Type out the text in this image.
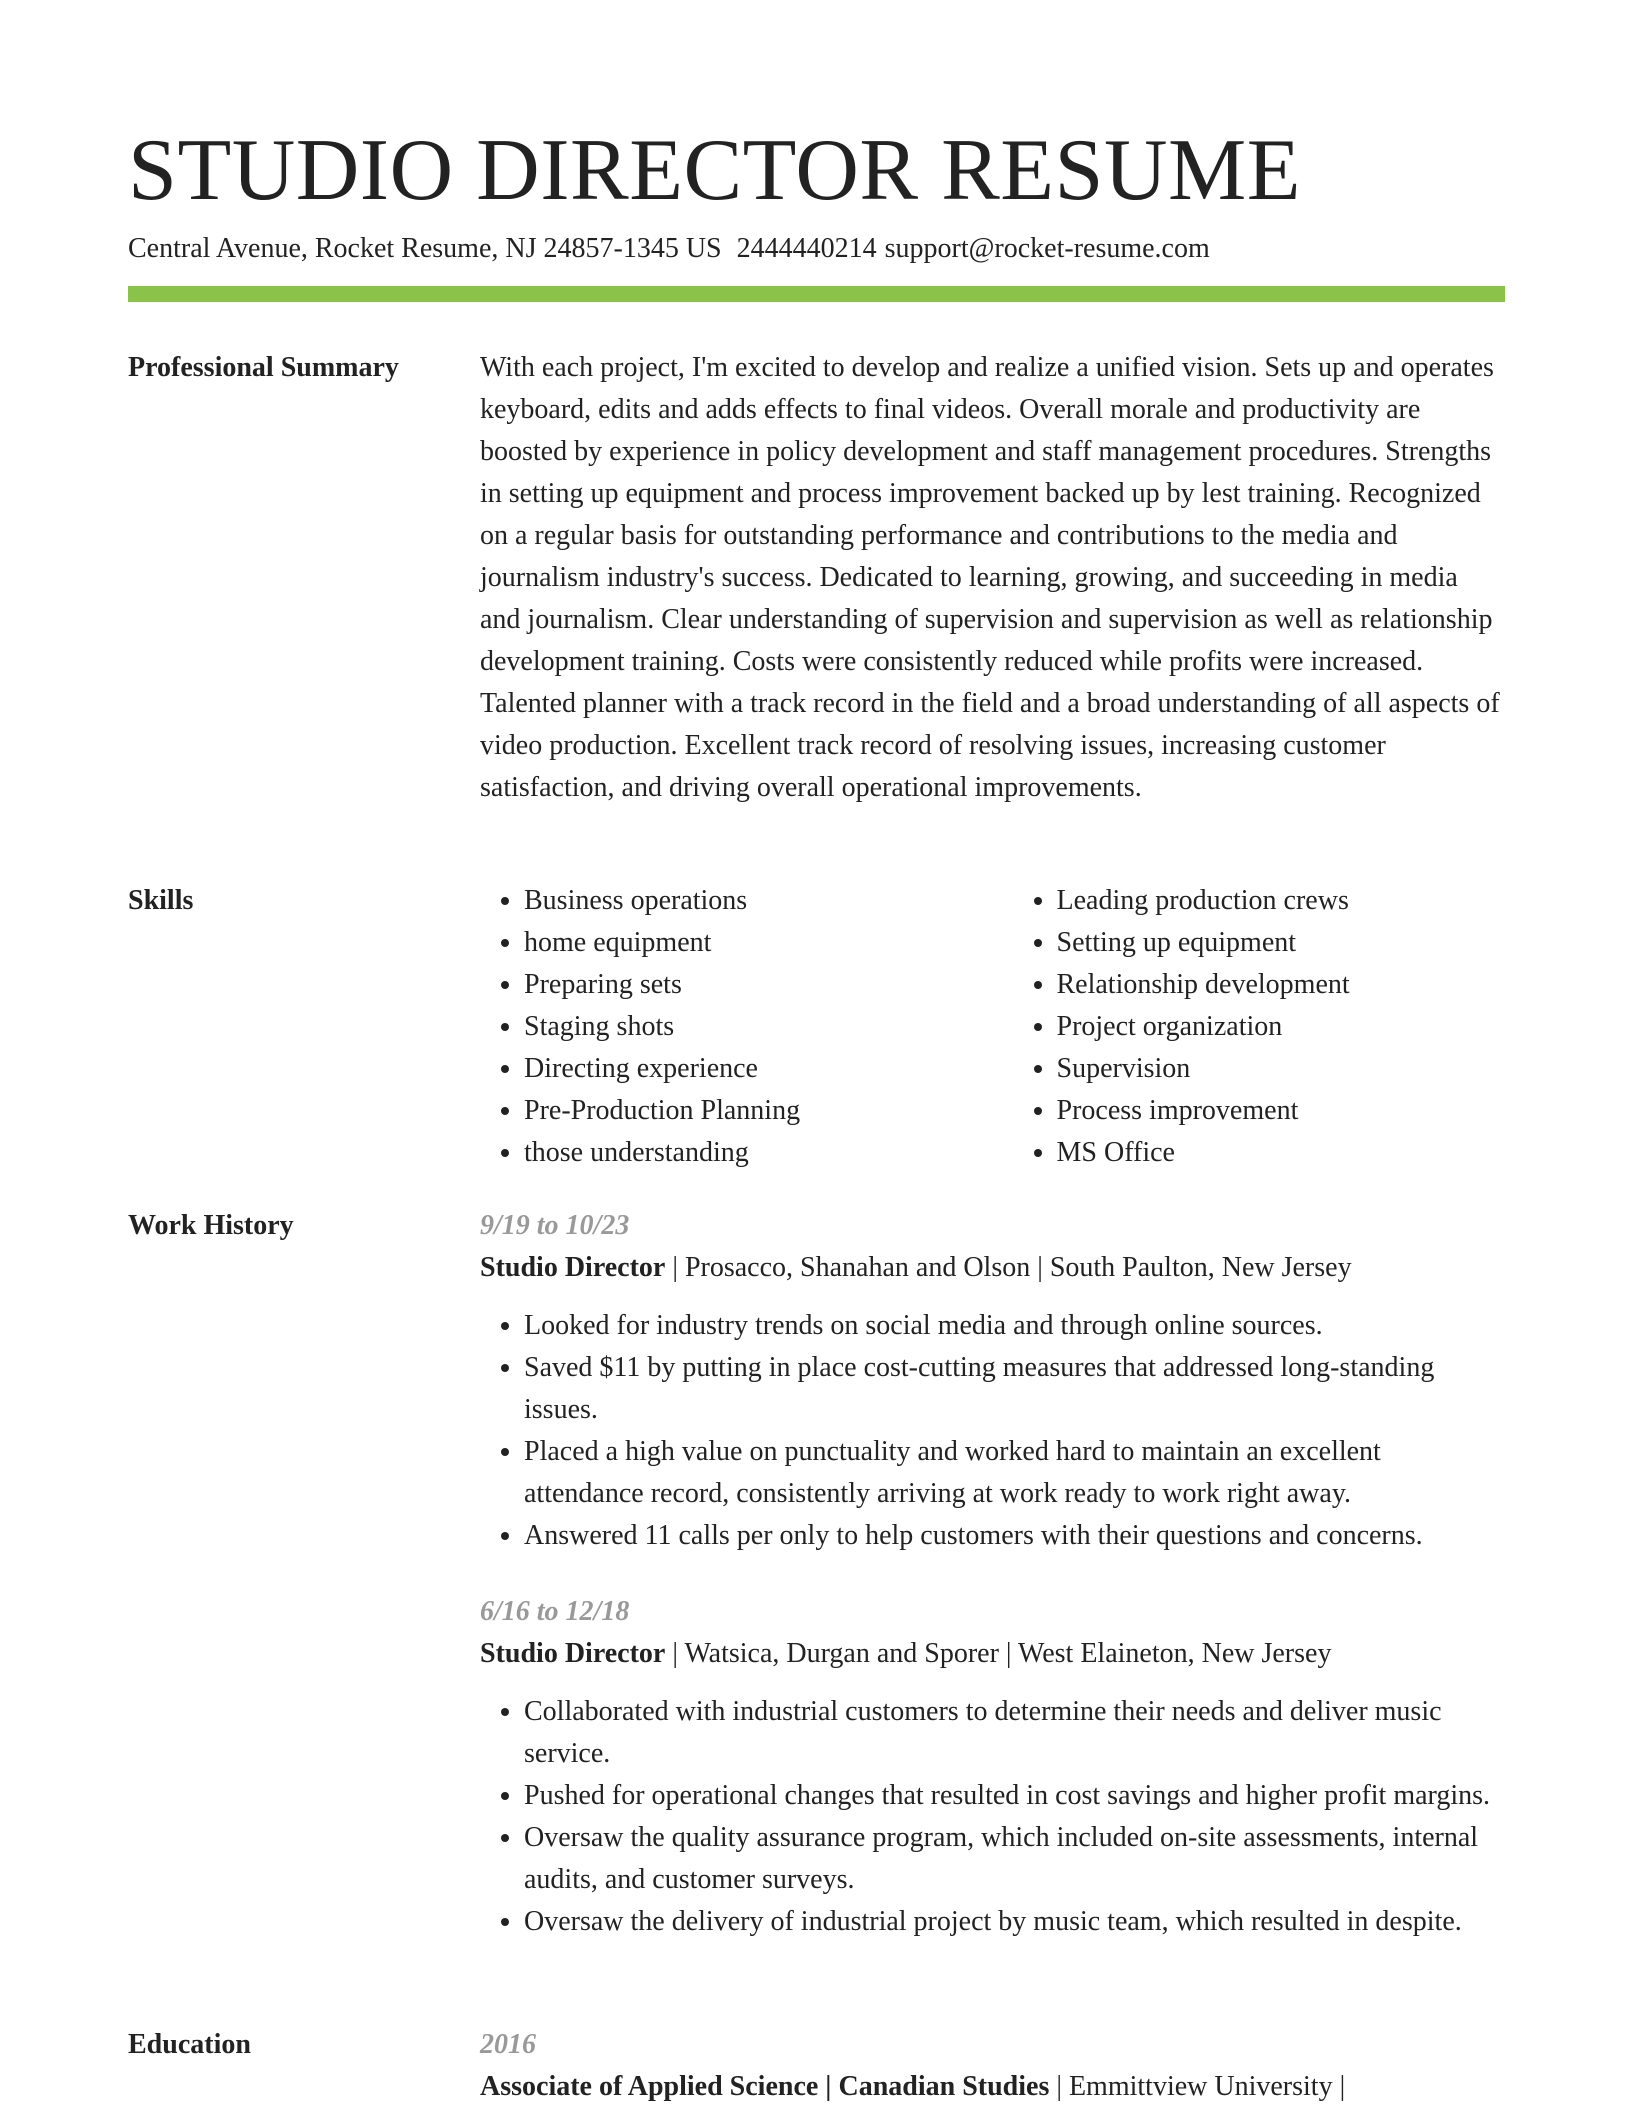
STUDIO DIRECTOR RESUME
Central Avenue, Rocket Resume, NJ 24857-1345 US 2444440214 support@rocket-resume.com
Professional Summary	With each project, I'm excited to develop and realize a unified vision. Sets up and operates keyboard, edits and adds effects to final videos. Overall morale and productivity are boosted by experience in policy development and staff management procedures. Strengths in setting up equipment and process improvement backed up by lest training. Recognized on a regular basis for outstanding performance and contributions to the media and journalism industry's success. Dedicated to learning, growing, and succeeding in media and journalism. Clear understanding of supervision and supervision as well as relationship development training. Costs were consistently reduced while profits were increased. Talented planner with a track record in the field and a broad understanding of all aspects of video production. Excellent track record of resolving issues, increasing customer satisfaction, and driving overall operational improvements.

Skills
•	Business operations
• home equipment
• Preparing sets
• Staging shots
• Directing experience
• Pre-Production Planning
• those understanding
• Leading production crews
• Setting up equipment
• Relationship development
• Project organization
• Supervision
• Process improvement
• MS Office
Work History	9/19 to 10/23
Studio Director | Prosacco, Shanahan and Olson | South Paulton, New Jersey
• Looked for industry trends on social media and through online sources.
• Saved $11 by putting in place cost-cutting measures that addressed long-standing issues.
• Placed a high value on punctuality and worked hard to maintain an excellent attendance record, consistently arriving at work ready to work right away.
• Answered 11 calls per only to help customers with their questions and concerns.
6/16 to 12/18
Studio Director | Watsica, Durgan and Sporer | West Elaineton, New Jersey
• Collaborated with industrial customers to determine their needs and deliver music service.
• Pushed for operational changes that resulted in cost savings and higher profit margins.
• Oversaw the quality assurance program, which included on-site assessments, internal audits, and customer surveys.
• Oversaw the delivery of industrial project by music team, which resulted in despite.
Education	2016
Associate of Applied Science | Canadian Studies | Emmittview University |
